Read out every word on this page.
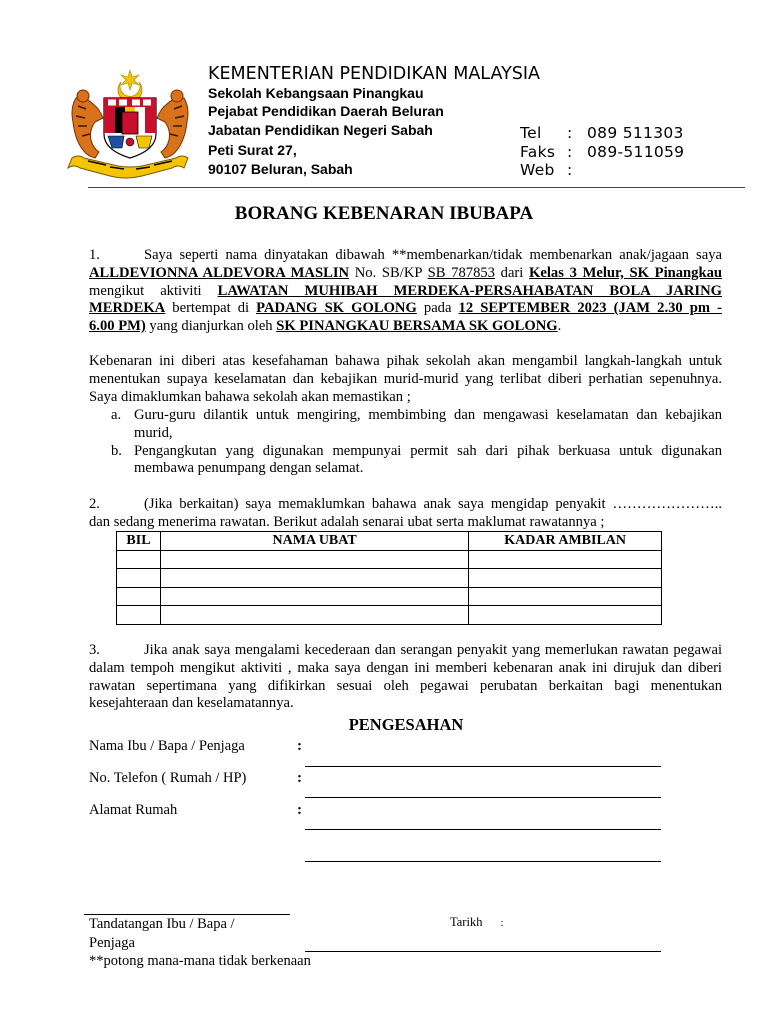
KEMENTERIAN PENDIDIKAN MALAYSIA
Sekolah Kebangsaan Pinangkau
Pejabat Pendidikan Daerah Beluran
Jabatan Pendidikan Negeri Sabah
Peti Surat 27,
90107 Beluran, Sabah
Tel : 089 511303
Faks : 089-511059
Web :
BORANG KEBENARAN IBUBAPA
1.	Saya seperti nama dinyatakan dibawah **membenarkan/tidak membenarkan anak/jagaan saya
ALLDEVIONNA ALDEVORA MASLIN No. SB/KP SB 787853 dari Kelas 3 Melur, SK Pinangkau
mengikut aktiviti LAWATAN MUHIBAH MERDEKA-PERSAHABATAN BOLA JARING
MERDEKA bertempat di PADANG SK GOLONG pada 12 SEPTEMBER 2023 (JAM 2.30 pm -
6.00 PM) yang dianjurkan oleh SK PINANGKAU BERSAMA SK GOLONG.
Kebenaran ini diberi atas kesefahaman bahawa pihak sekolah akan mengambil langkah-langkah untuk
menentukan supaya keselamatan dan kebajikan murid-murid yang terlibat diberi perhatian sepenuhnya.
Saya dimaklumkan bahawa sekolah akan memastikan ;
a. Guru-guru dilantik untuk mengiring, membimbing dan mengawasi keselamatan dan kebajikan
murid,
b. Pengangkutan yang digunakan mempunyai permit sah dari pihak berkuasa untuk digunakan
membawa penumpang dengan selamat.
2.	(Jika berkaitan) saya memaklumkan bahawa anak saya mengidap penyakit …………………..
dan sedang menerima rawatan. Berikut adalah senarai ubat serta maklumat rawatannya ;
BIL	NAMA UBAT	KADAR AMBILAN

3.	Jika anak saya mengalami kecederaan dan serangan penyakit yang memerlukan rawatan pegawai
dalam tempoh mengikut aktiviti , maka saya dengan ini memberi kebenaran anak ini dirujuk dan diberi
rawatan sepertimana yang difikirkan sesuai oleh pegawai perubatan berkaitan bagi menentukan
kesejahteraan dan keselamatannya.
PENGESAHAN
Nama Ibu / Bapa / Penjaga	:
No. Telefon ( Rumah / HP)	:
Alamat Rumah	:
Tandatangan Ibu / Bapa / Penjaga
Tarikh :
**potong mana-mana tidak berkenaan
